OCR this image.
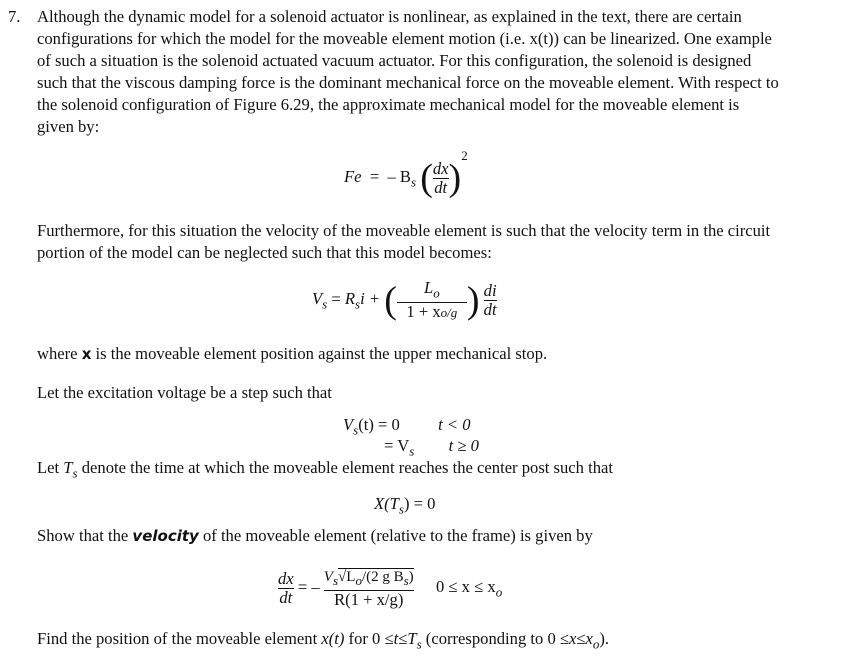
7. Although the dynamic model for a solenoid actuator is nonlinear, as explained in the text, there are certain
configurations for which the model for the moveable element motion (i.e. x(t)) can be linearized. One example
of such a situation is the solenoid actuated vacuum actuator. For this configuration, the solenoid is designed
such that the viscous damping force is the dominant mechanical force on the moveable element. With respect to
the solenoid configuration of Figure 6.29, the approximate mechanical model for the moveable element is
given by:
Fe = – $B_s$ ( $\frac{dx}{dt} )^2$
Furthermore, for this situation the velocity of the moveable element is such that the velocity term in the circuit
portion of the model can be neglected such that this model becomes:
$V_s = R_si$ + ( $\frac{L_o}{1 + xo/g}$ ) $\frac{di}{dt}$
where x is the moveable element position against the upper mechanical stop.
Let the excitation voltage be a step such that
$V_s(t) = 0$ t < 0
= $V_s$ t ≥ 0
Let $T_s$ denote the time at which the moveable element reaches the center post such that
$X(T_s) = 0$
Show that the velocity of the moveable element (relative to the frame) is given by
$\frac{dx}{dt}$ = – $\frac{V_s√L_o/(2 g B_s)}{R(1 + x/g)} 0 \le x \le x_o$
Find the position of the moveable element x(t) for $0 \le t\le T_s$ (corresponding to $0 \le x\le x_o$).
